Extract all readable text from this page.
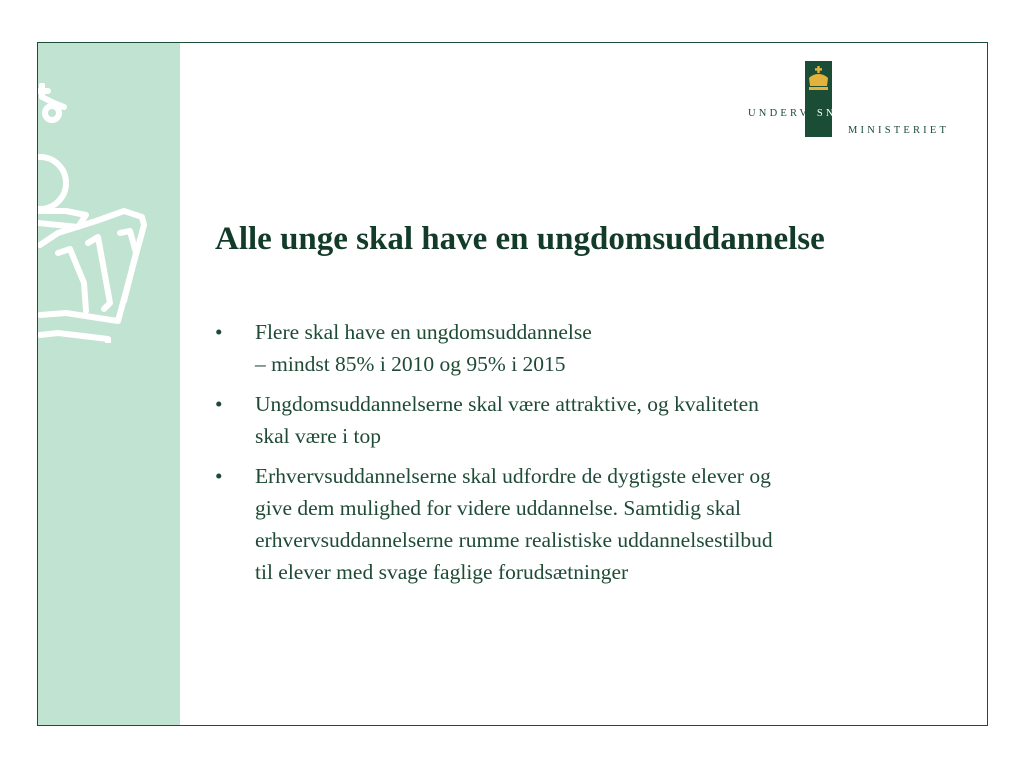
UNDERVISNINGS
MINISTERIET
Alle unge skal have en ungdomsuddannelse
• Flere skal have en ungdomsuddannelse
– mindst 85% i 2010 og 95% i 2015
• Ungdomsuddannelserne skal være attraktive, og kvaliteten
skal være i top
• Erhvervsuddannelserne skal udfordre de dygtigste elever og
give dem mulighed for videre uddannelse. Samtidig skal
erhvervsuddannelserne rumme realistiske uddannelsestilbud
til elever med svage faglige forudsætninger
